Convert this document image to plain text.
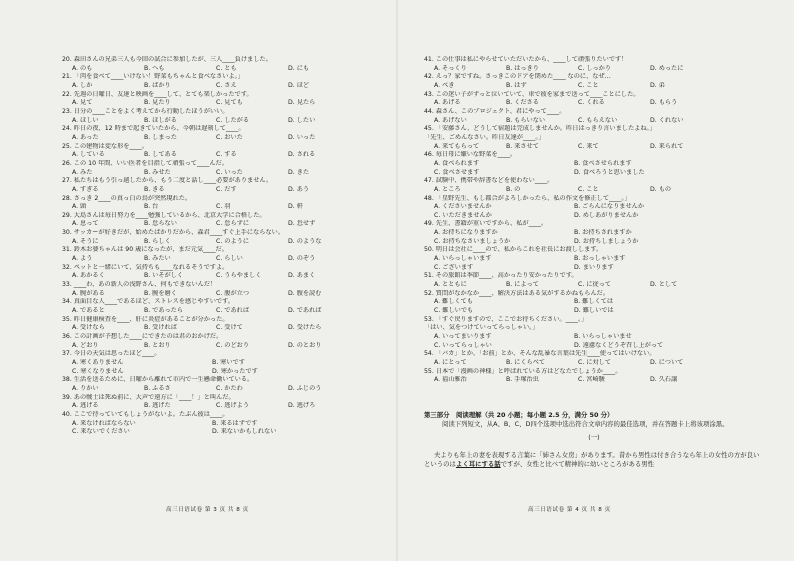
20. 森田さんの兄弟三人も今回の試合に参加したが、三人____負けました。
A. のも	B. へも	C. とも	D. にも
21. 「肉を食べて____いけない！野菜もちゃんと食べなさいよ。」
A. しか	B. ばかり	C. さえ	D. ほど
22. 先週の日曜日、友達と映画を____して、とても楽しかったです。
A. 見て	B. 見たり	C. 見ても	D. 見たら
23. 日分の____ことをよく考えてから行動したほうがいい。
A. ほしい	B. ほしがる	C. したがる	D. したい
24. 昨日の夜、12 時まで起きていたから、今朝は遅刻して____。
A. あった	B. しまった	C. おいた	D. いった
25. この建物は変な形を____。
A. している	B. してある	C. する	D. される
26. この 10 年間、いい医者を目指して頑張って____んだ。
A. みた	B. みせた	C. いった	D. きた
27. 私たちはもう引っ越したから、もう二度と話し____必要がありません。
A. すぎる	B. きる	C. だす	D. あう
28. さっき 2____の真っ白の鳥が突然現れた。
A. 頭	B. 台	C. 羽	D. 軒
29. 大島さんは毎日努力を____勉強しているから、北京大学に合格した。
A. 息って	B. 怠らない	C. 怠らずに	D. 怠せず
30. サッカーが好きだが、始めたばかりだから、森君____すぐ上手にならない。
A. そうに	B. らしく	C. のように	D. のような
31. 鈴木お婆ちゃんは 90 歳になったが、まだ元気____だ。
A. よう	B. みたい	C. らしい	D. のぞう
32. ペットと一緒にいて、気持ちも____なれるそうですよ。
A. あかるく	B. いそがしく	C. うらやましく	D. あまく
33. ____わ、あの新人の浅野さん、何もできないんだ！
A. 腕がある	B. 腕を磨く	C. 腹が立つ	D. 腹を読む
34. 真面目な人____であるほど、ストレスを感じやすいです。
A. であると	B. であったら	C. であれば	D. であれば
35. 昨日健康検査を____、肝に炎症があることが分かった。
A. 受けなら	B. 受ければ	C. 受けて	D. 受けたら
36. この計画が予想した____にできたのは君のおかげだ。
A. どおり	B. とおり	C. のどおり	D. のとおり
37. 今日の天気は思ったほど____。
A. 寒くありません	B. 寒いです
C. 寒くなりません	D. 寒かったです
38. 生活を送るために、日曜から離れて市内で一生懸命働いている。
A. りかい	B. ふるさ	C. かたわ	D. ふじのう
39. あの戦士は死ぬ前に、大声で遠方に「____！」と叫んだ。
A. 逃げる	B. 逃げた	C. 逃げよう	D. 逃げろ
40. ここで待っていてもしょうがないよ。たぶん彼は____。
A. 来なければならない	B. 来るはずです
C. 来ないでください	D. 来ないかもしれない
41. この仕事は私にやらせていただいたから、____して頑張りたいです！
A. そっくり	B. はっきり	C. しっかり	D. めったに
42. えっ？家ですね。さっきこのドアを閉めた____ なのに、なぜ…
A. べき	B. はず	C. こと	D. 弟
43. この迷い子がずっと泣いていて、車で彼を家まで送って____ことにした。
A. あげる	B. くださる	C. くれる	D. もらう
44. 森さん、このプロジェクト、君にやって____。
A. あげない	B. もらいない	C. もらえない	D. くれない
45. 「安藤さん、どうして宿題は完成しませんか。昨日はっきり言いましたよね。」
「先生、ごめんなさい。昨日友達が____。」
A. 来てもらって	B. 来させて	C. 来て	D. 来られて
46. 毎日母に嫌いな野菜を____。
A. 食べられます	B. 食べさせられます
C. 食べさせます	D. 食べろうと思いました
47. 試験中、携帯や辞書などを使わない____。
A. ところ	B. の	C. こと	D. もの
48. 「星野先生、もし都合がよろしかったら、私の作文を修正して____。」
A. くださいませんか	B. ごらんになりませんか
C. いただきませんか	D. めしあがりませんか
49. 先生、書籍が重いですから、私が____。
A. お持ちになりますか	B. お持ちされますか
C. お持ちなさいましょうか	D. お持ちしましょうか
50. 明日は会社に____ので、私からこれを社長にお渡しします。
A. いらっしゃいます	B. おっしゃいます
C. ございます	D. まいります
51. その旅館は季節____、高かったり安かったりです。
A. とともに	B. によって	C. に従って	D. として
52. 質問がなかなか____、解決方法はある気がするかねもらんだ。
A. 難しくても	B. 難しくては
C. 難しいでも	D. 難しいでは
53. 「すぐ戻りますので、ここでお待ちください。____。」
「はい、気をつけていってらっしゃい。」
A. いってまいります	B. いらっしゃいませ
C. いってらっしゃい	D. 遠慮なくどうぞ召し上がって
54. 「バカ」とか、「お前」とか、そんな乱暴な言葉は先生____使ってはいけない。
A. にとって	B. にくらべて	C. に対して	D. について
55. 日本で「漫画の神様」と呼ばれている方はどなたでしょうか____。
A. 福山雅治	B. 手塚治虫	C. 宮崎駿	D. 久石譲
第三部分　阅读理解（共 20 小题；每小题 2.5 分，满分 50 分）
阅读下列短文，从A、B、C、D四个选项中选出符合文章内容的最佳选项，并在答题卡上将该项涂黑。
(一)
夫よりも年上の妻を表現する言葉に「姉さん女房」があります。昔から男性は付き合うなら年上の女性の方が良いというのはよく耳にする話ですが、女性と比べて精神的に幼いところがある男性
高三日语试卷 第 3 页 共 8 页	高三日语试卷 第 4 页 共 8 页
